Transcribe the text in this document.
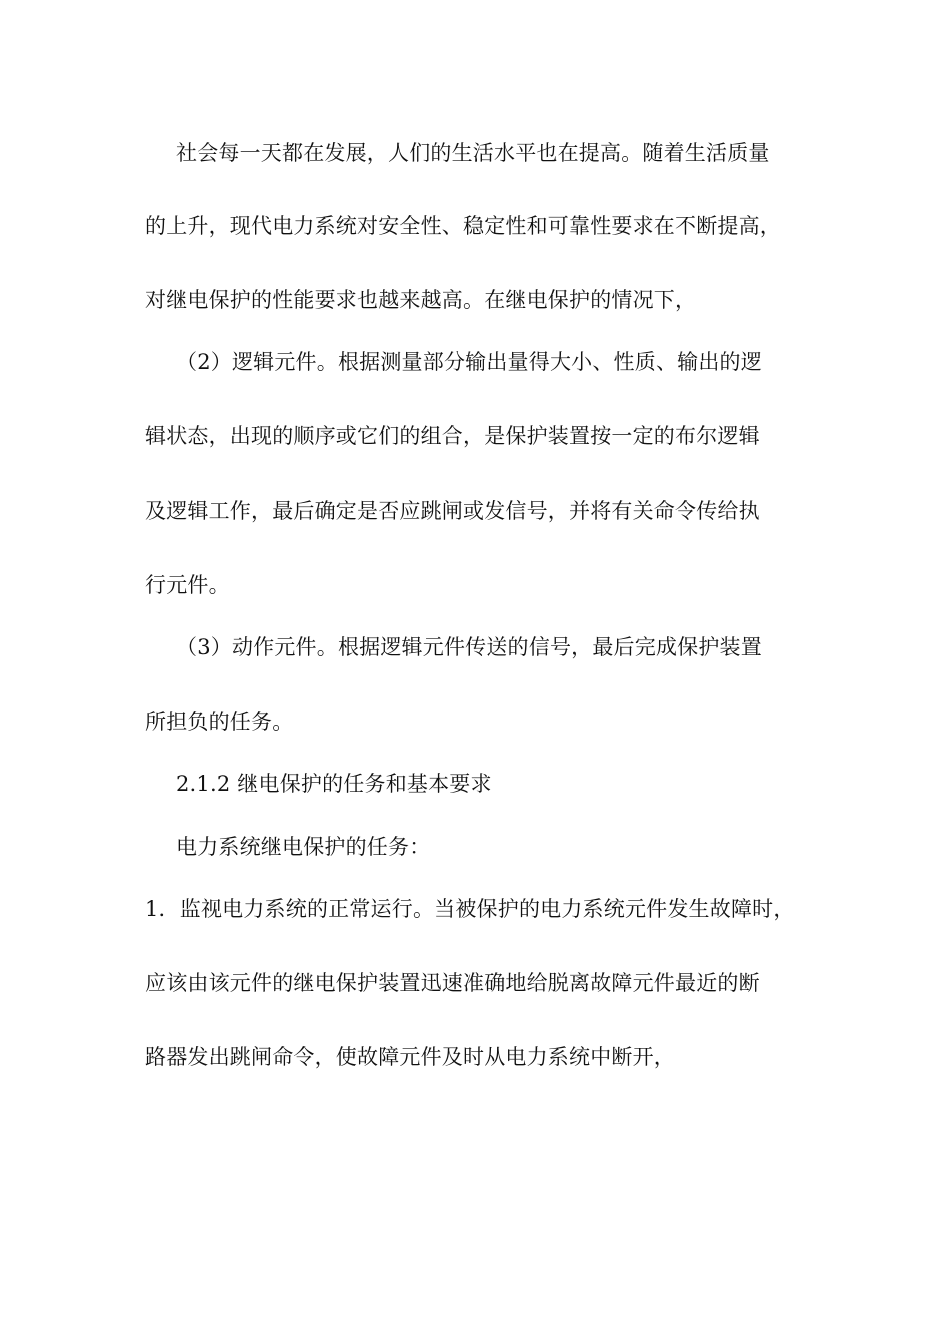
社会每一天都在发展，人们的生活水平也在提高。随着生活质量
的上升，现代电力系统对安全性、稳定性和可靠性要求在不断提高，
对继电保护的性能要求也越来越高。在继电保护的情况下，
（2）逻辑元件。根据测量部分输出量得大小、性质、输出的逻
辑状态，出现的顺序或它们的组合，是保护装置按一定的布尔逻辑
及逻辑工作，最后确定是否应跳闸或发信号，并将有关命令传给执
行元件。
（3）动作元件。根据逻辑元件传送的信号，最后完成保护装置
所担负的任务。
2.1.2 继电保护的任务和基本要求
电力系统继电保护的任务：
1．监视电力系统的正常运行。当被保护的电力系统元件发生故障时，
应该由该元件的继电保护装置迅速准确地给脱离故障元件最近的断
路器发出跳闸命令，使故障元件及时从电力系统中断开，
